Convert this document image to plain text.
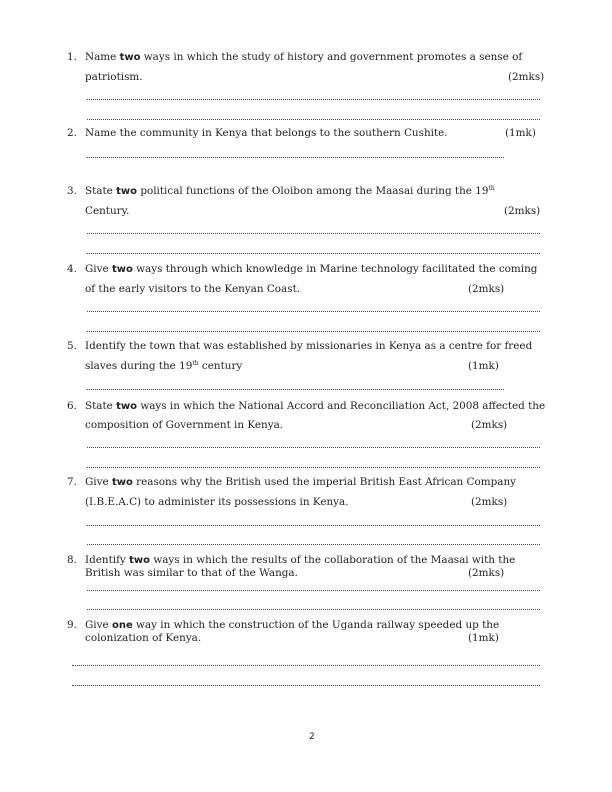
1. Name two ways in which the study of history and government promotes a sense of
patriotism.	(2mks)
2. Name the community in Kenya that belongs to the southern Cushite.	(1mk)
3. State two political functions of the Oloibon among the Maasai during the 19th
Century.	(2mks)
4. Give two ways through which knowledge in Marine technology facilitated the coming
of the early visitors to the Kenyan Coast.	(2mks)
5. Identify the town that was established by missionaries in Kenya as a centre for freed
slaves during the 19th century	(1mk)
6. State two ways in which the National Accord and Reconciliation Act, 2008 affected the
composition of Government in Kenya.	(2mks)
7. Give two reasons why the British used the imperial British East African Company
(I.B.E.A.C) to administer its possessions in Kenya.	(2mks)
8. Identify two ways in which the results of the collaboration of the Maasai with the
British was similar to that of the Wanga.	(2mks)
9. Give one way in which the construction of the Uganda railway speeded up the
colonization of Kenya.	(1mk)
2
